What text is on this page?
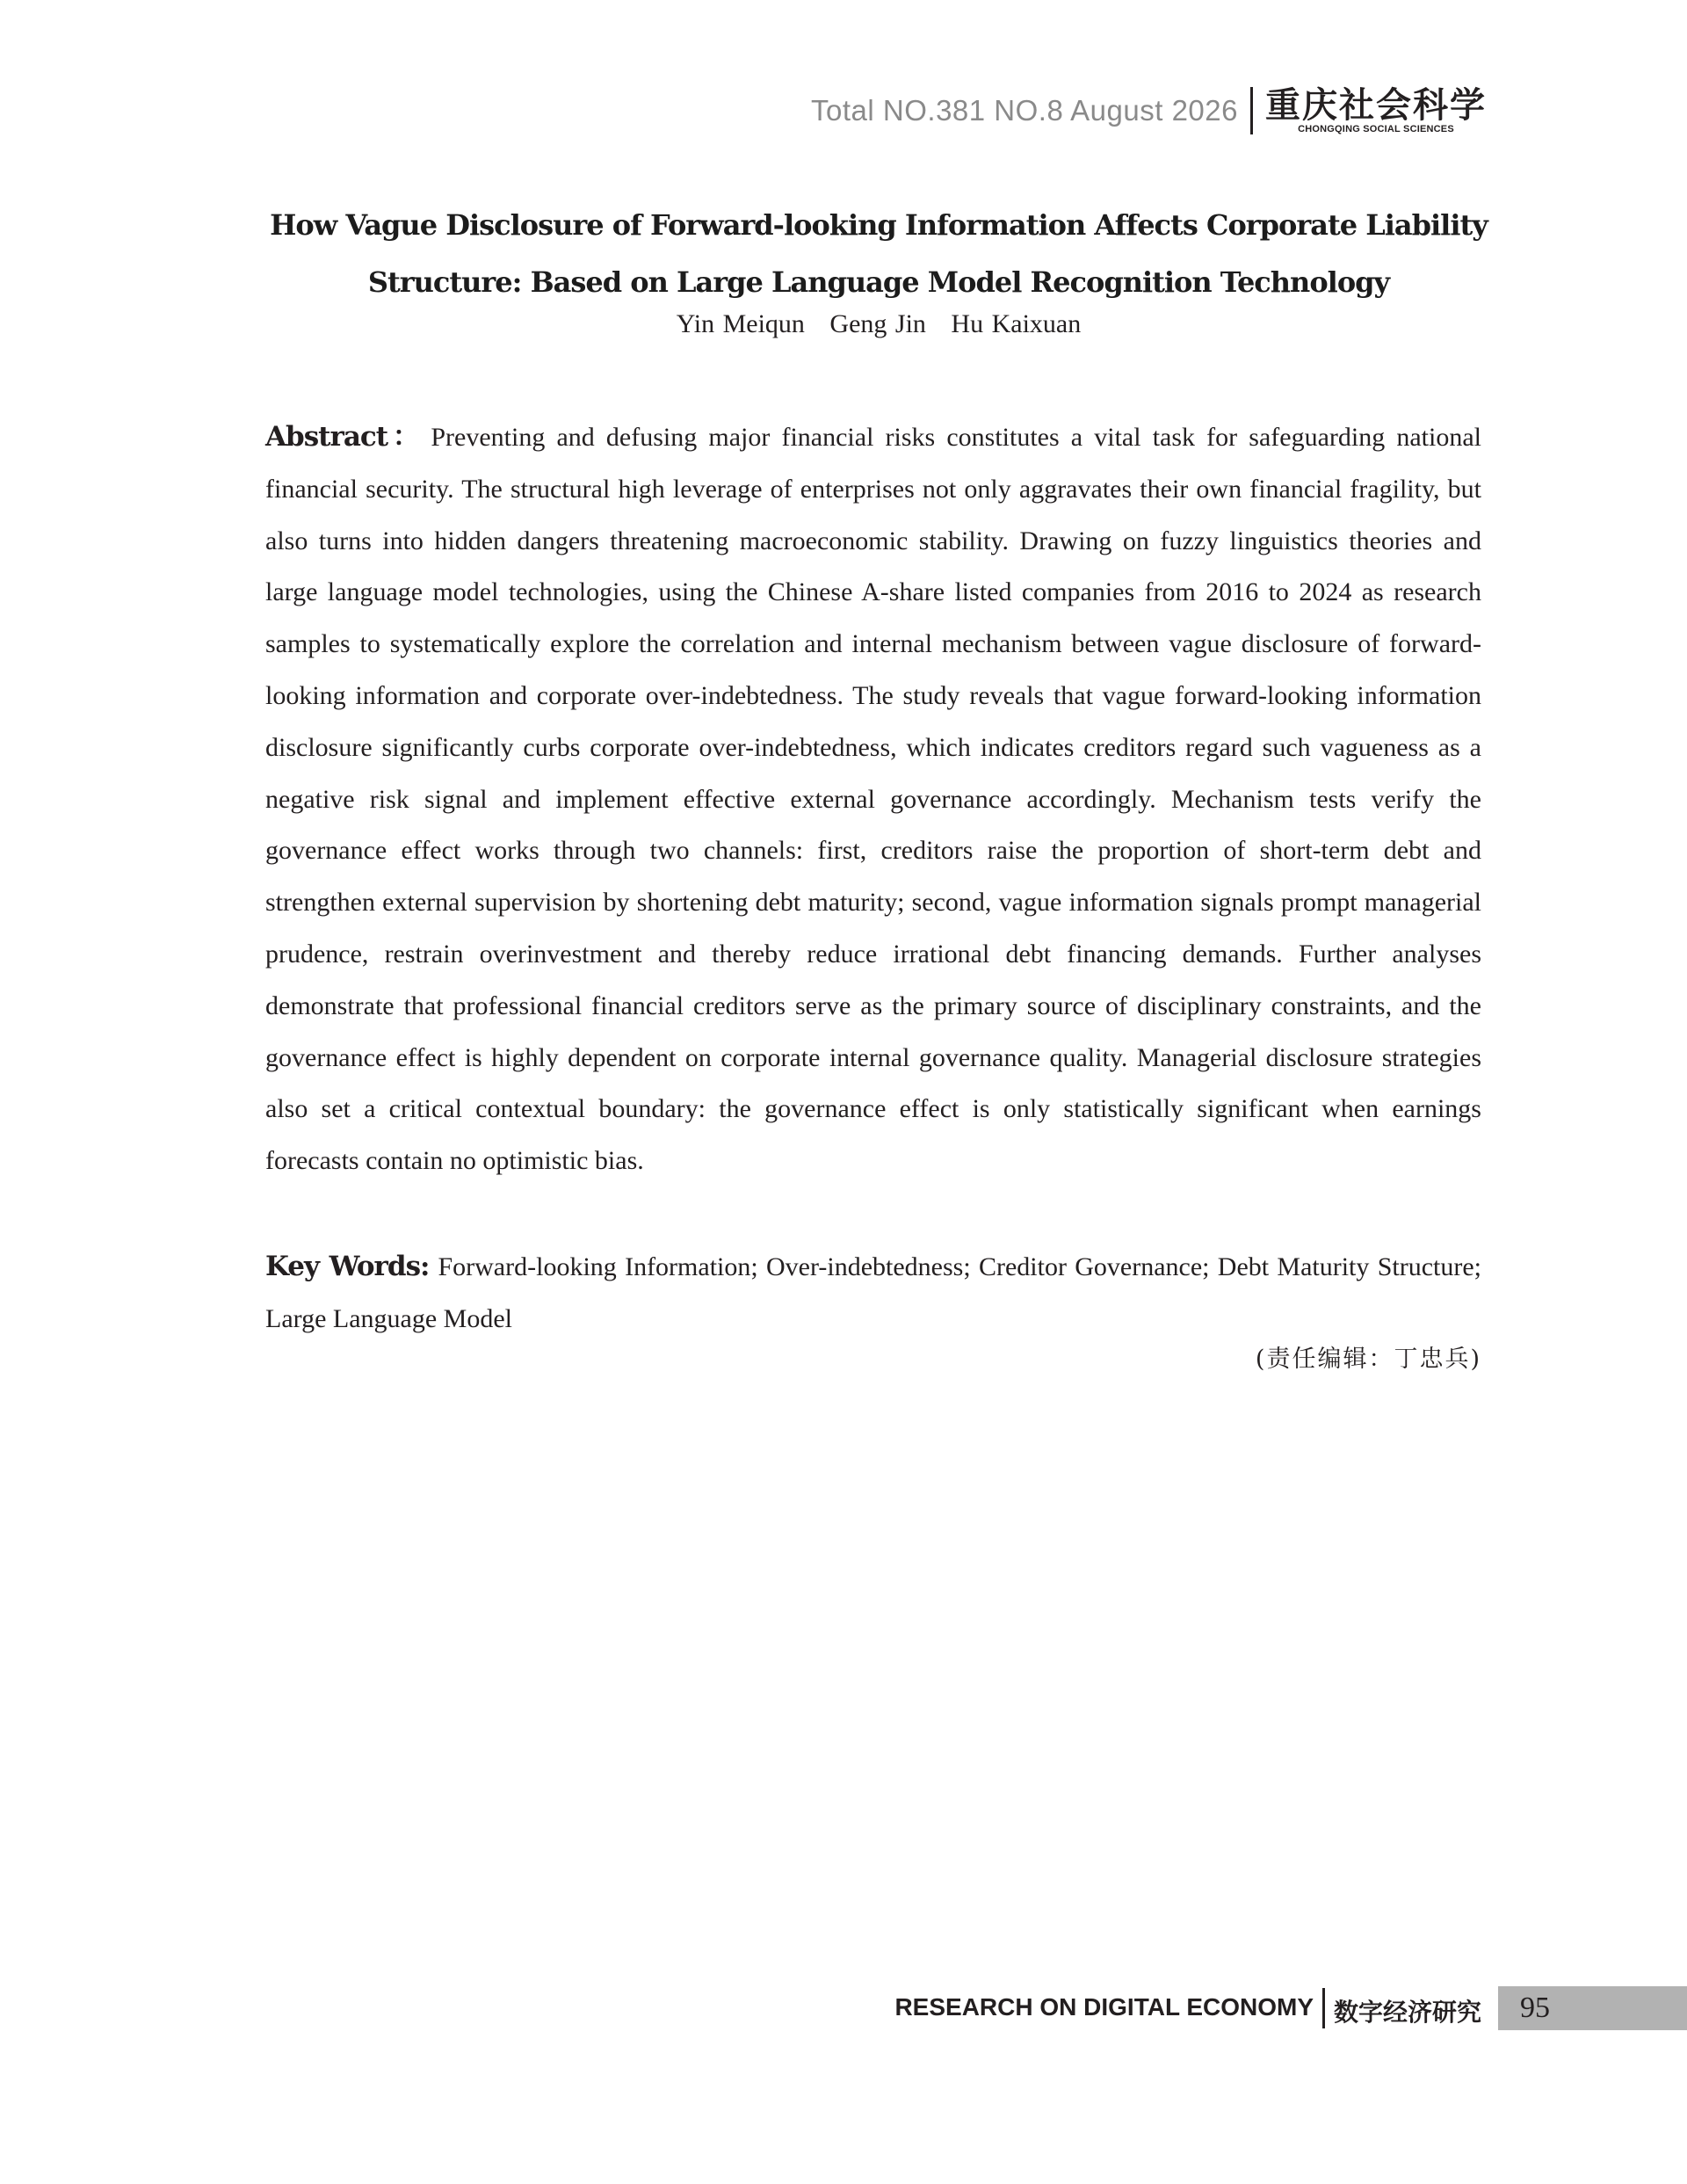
Total NO.381 NO.8 August 2026 重庆社会科学
CHONGQING SOCIAL SCIENCES
How Vague Disclosure of Forward-looking Information Affects Corporate Liability
Structure: Based on Large Language Model Recognition Technology
Yin Meiqun   Geng Jin   Hu Kaixuan
Abstract： Preventing and defusing major financial risks constitutes a vital task for safeguarding national financial security. The structural high leverage of enterprises not only aggravates their own financial fragility, but also turns into hidden dangers threatening macroeconomic stability. Drawing on fuzzy linguistics theories and large language model technologies, using the Chinese A-share listed companies from 2016 to 2024 as research samples to systematically explore the correlation and internal mechanism between vague disclosure of forward-looking information and corporate over-indebtedness. The study reveals that vague forward-looking information disclosure significantly curbs corporate over-indebtedness, which indicates creditors regard such vagueness as a negative risk signal and implement effective external governance accordingly. Mechanism tests verify the governance effect works through two channels: first, creditors raise the proportion of short-term debt and strengthen external supervision by shortening debt maturity; second, vague information signals prompt managerial prudence, restrain overinvestment and thereby reduce irrational debt financing demands. Further analyses demonstrate that professional financial creditors serve as the primary source of disciplinary constraints, and the governance effect is highly dependent on corporate internal governance quality. Managerial disclosure strategies also set a critical contextual boundary: the governance effect is only statistically significant when earnings forecasts contain no optimistic bias.
Key Words: Forward-looking Information; Over-indebtedness; Creditor Governance; Debt Maturity Structure; Large Language Model
(责任编辑：丁忠兵)
RESEARCH ON DIGITAL ECONOMY 数字经济研究 95
